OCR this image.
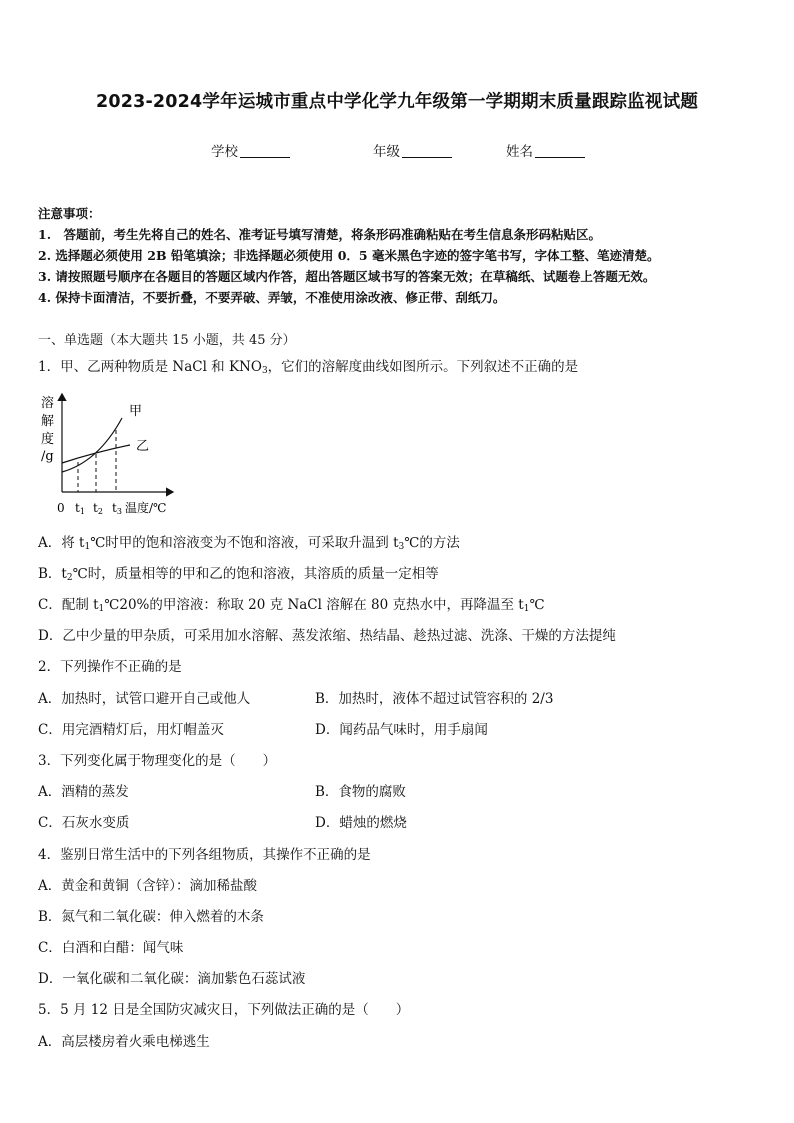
2023-2024学年运城市重点中学化学九年级第一学期期末质量跟踪监视试题
学校	年级	姓名
注意事项：
1.　答题前，考生先将自己的姓名、准考证号填写清楚，将条形码准确粘贴在考生信息条形码粘贴区。
2. 选择题必须使用 2B 铅笔填涂；非选择题必须使用 0．5 毫米黑色字迹的签字笔书写，字体工整、笔迹清楚。
3. 请按照题号顺序在各题目的答题区域内作答，超出答题区域书写的答案无效；在草稿纸、试题卷上答题无效。
4. 保持卡面清洁，不要折叠，不要弄破、弄皱，不准使用涂改液、修正带、刮纸刀。
一、单选题（本大题共 15 小题，共 45 分）
1．甲、乙两种物质是 NaCl 和 $KNO_3$，它们的溶解度曲线如图所示。下列叙述不正确的是
溶
解
度
/g
甲
乙
0 t1 t2 t3 温度/℃
A．将 $t_1℃$时甲的饱和溶液变为不饱和溶液，可采取升温到 $t_3℃$的方法
B．$t_2℃$时，质量相等的甲和乙的饱和溶液，其溶质的质量一定相等
C．配制 $t_1℃20\%$的甲溶液：称取 20 克 NaCl 溶解在 80 克热水中，再降温至 $t_1℃$
D．乙中少量的甲杂质，可采用加水溶解、蒸发浓缩、热结晶、趁热过滤、洗涤、干燥的方法提纯
2．下列操作不正确的是
A．加热时，试管口避开自己或他人	B．加热时，液体不超过试管容积的 2/3
C．用完酒精灯后，用灯帽盖灭	D．闻药品气味时，用手扇闻
3．下列变化属于物理变化的是（　　）
A．酒精的蒸发	B．食物的腐败
C．石灰水变质	D．蜡烛的燃烧
4．鉴别日常生活中的下列各组物质，其操作不正确的是
A．黄金和黄铜（含锌）：滴加稀盐酸
B．氮气和二氧化碳：伸入燃着的木条
C．白酒和白醋：闻气味
D．一氧化碳和二氧化碳：滴加紫色石蕊试液
5．5 月 12 日是全国防灾减灾日，下列做法正确的是（　　）
A．高层楼房着火乘电梯逃生
